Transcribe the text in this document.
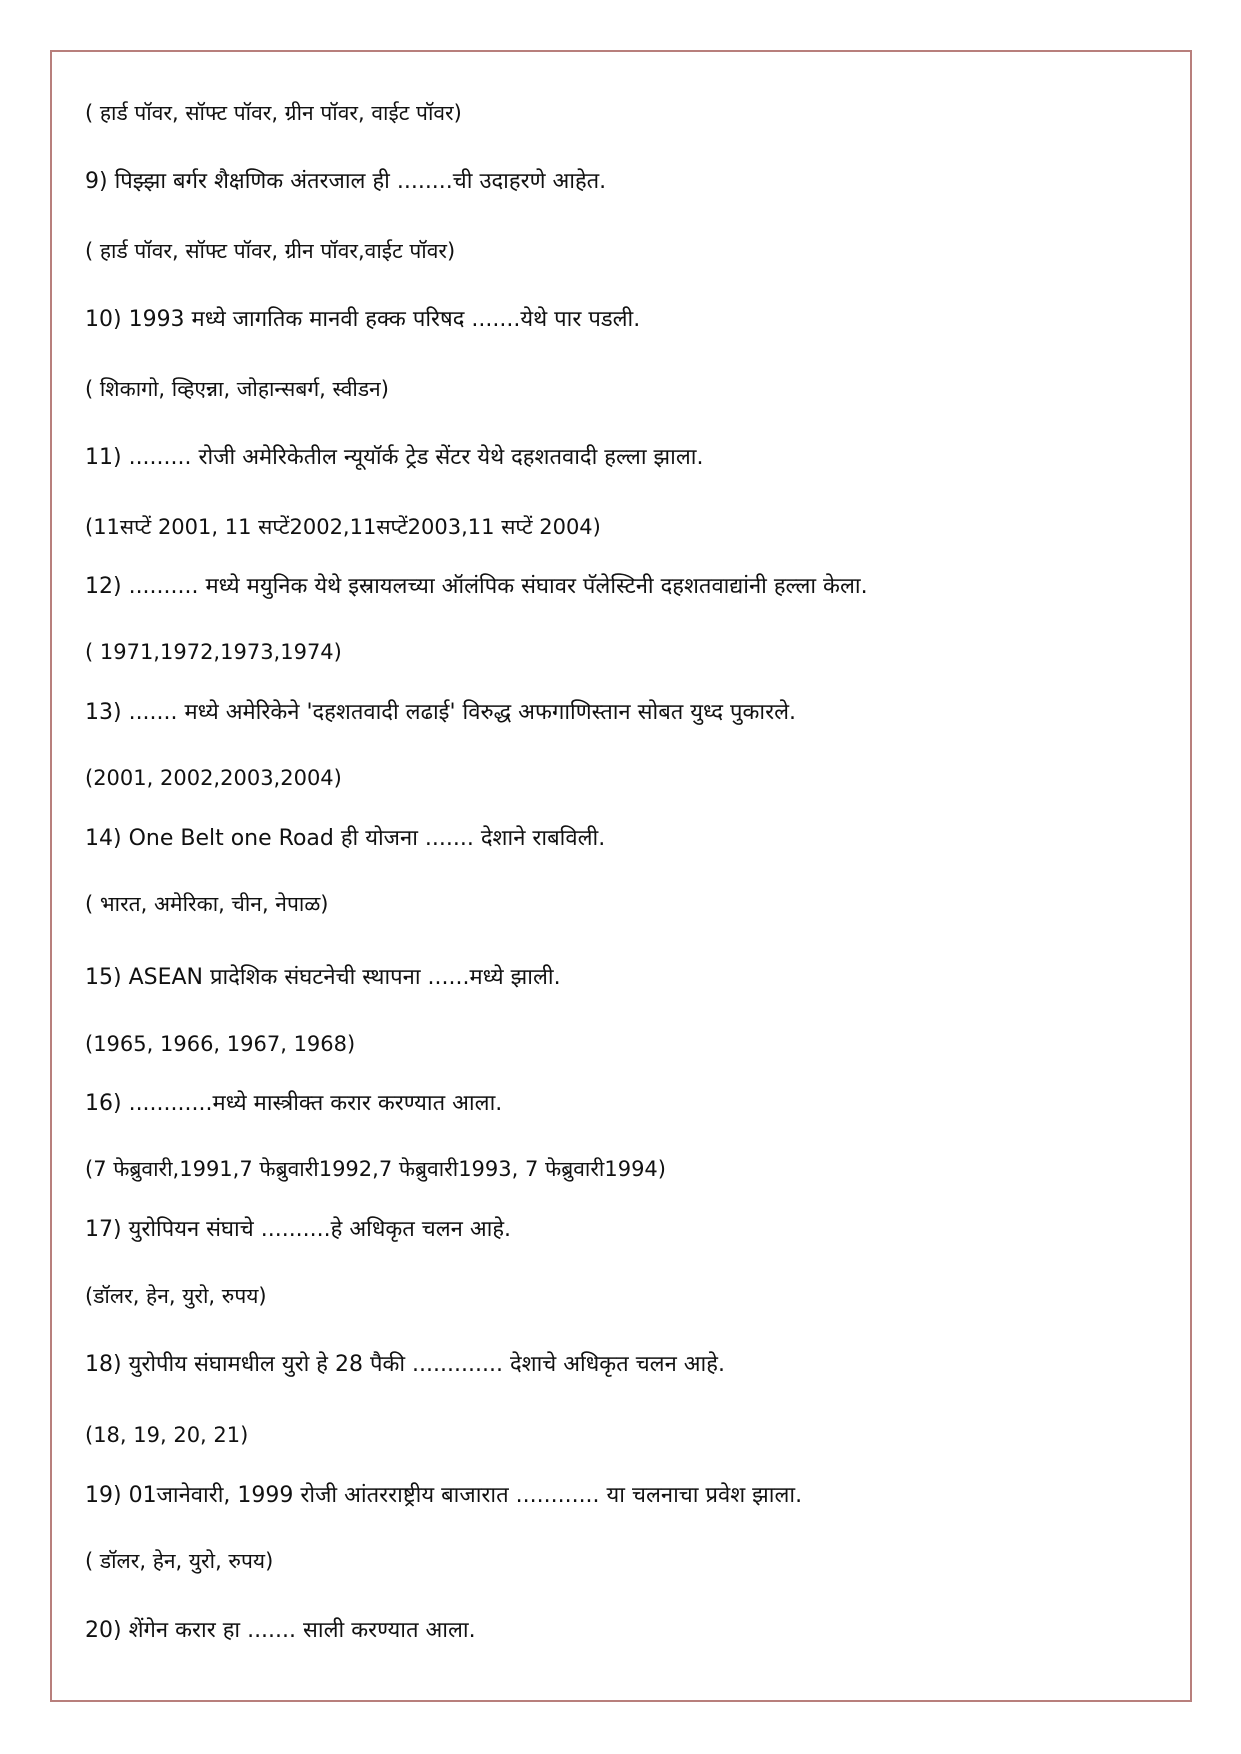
( हार्ड पॉवर, सॉफ्ट पॉवर, ग्रीन पॉवर, वाईट पॉवर)
9) पिझ्झा बर्गर शैक्षणिक अंतरजाल ही ........ची उदाहरणे आहेत.
( हार्ड पॉवर, सॉफ्ट पॉवर, ग्रीन पॉवर,वाईट पॉवर)
10) 1993 मध्ये जागतिक मानवी हक्क परिषद .......येथे पार पडली.
( शिकागो, व्हिएन्ना, जोहान्सबर्ग, स्वीडन)
11) ......... रोजी अमेरिकेतील न्यूयॉर्क ट्रेड सेंटर येथे दहशतवादी हल्ला झाला.
(11सप्टें 2001, 11 सप्टें2002,11सप्टें2003,11 सप्टें 2004)
12) .......... मध्ये मयुनिक येथे इस्रायलच्या ऑलंपिक संघावर पॅलेस्टिनी दहशतवाद्यांनी हल्ला केला.
( 1971,1972,1973,1974)
13) ....... मध्ये अमेरिकेने 'दहशतवादी लढाई' विरुद्ध अफगाणिस्तान सोबत युध्द पुकारले.
(2001, 2002,2003,2004)
14) One Belt one Road ही योजना ....... देशाने राबविली.
( भारत, अमेरिका, चीन, नेपाळ)
15) ASEAN प्रादेशिक संघटनेची स्थापना ......मध्ये झाली.
(1965, 1966, 1967, 1968)
16) ............मध्ये मास्त्रीक्त करार करण्यात आला.
(7 फेब्रुवारी,1991,7 फेब्रुवारी1992,7 फेब्रुवारी1993, 7 फेब्रुवारी1994)
17) युरोपियन संघाचे ..........हे अधिकृत चलन आहे.
(डॉलर, हेन, युरो, रुपय)
18) युरोपीय संघामधील युरो हे 28 पैकी ............. देशाचे अधिकृत चलन आहे.
(18, 19, 20, 21)
19) 01जानेवारी, 1999 रोजी आंतरराष्ट्रीय बाजारात ............ या चलनाचा प्रवेश झाला.
( डॉलर, हेन, युरो, रुपय)
20) शेंगेन करार हा ....... साली करण्यात आला.
